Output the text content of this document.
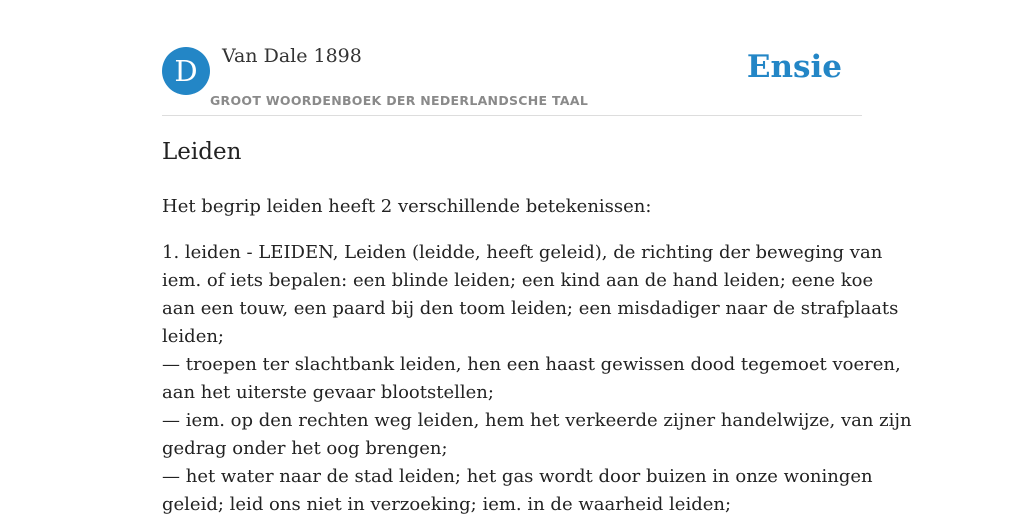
D	Van Dale 1898
GROOT WOORDENBOEK DER NEDERLANDSCHE TAAL
Ensie
Leiden

Het begrip leiden heeft 2 verschillende betekenissen:

1. leiden - LEIDEN, Leiden (leidde, heeft geleid), de richting der beweging van
iem. of iets bepalen: een blinde leiden; een kind aan de hand leiden; eene koe
aan een touw, een paard bij den toom leiden; een misdadiger naar de strafplaats
leiden;
— troepen ter slachtbank leiden, hen een haast gewissen dood tegemoet voeren,
aan het uiterste gevaar blootstellen;
— iem. op den rechten weg leiden, hem het verkeerde zijner handelwijze, van zijn
gedrag onder het oog brengen;
— het water naar de stad leiden; het gas wordt door buizen in onze woningen
geleid; leid ons niet in verzoeking; iem. in de waarheid leiden;
